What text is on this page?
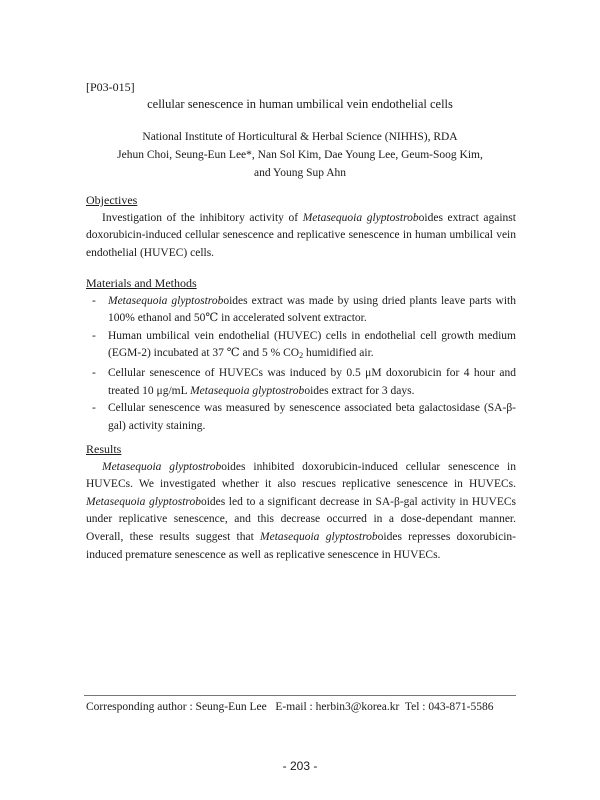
[P03-015]
cellular senescence in human umbilical vein endothelial cells
National Institute of Horticultural & Herbal Science (NIHHS), RDA
Jehun Choi, Seung-Eun Lee*, Nan Sol Kim, Dae Young Lee, Geum-Soog Kim,
and Young Sup Ahn
Objectives

Investigation of the inhibitory activity of Metasequoia glyptostroboides extract against doxorubicin-induced cellular senescence and replicative senescence in human umbilical vein endothelial (HUVEC) cells.

Materials and Methods
- Metasequoia glyptostroboides extract was made by using dried plants leave parts with 100% ethanol and 50℃ in accelerated solvent extractor.
- Human umbilical vein endothelial (HUVEC) cells in endothelial cell growth medium (EGM-2) incubated at 37 ℃ and 5 % $CO_2$ humidified air.
- Cellular senescence of HUVECs was induced by 0.5 μM doxorubicin for 4 hour and treated 10 μg/mL Metasequoia glyptostroboides extract for 3 days.
- Cellular senescence was measured by senescence associated beta galactosidase (SA-β-gal) activity staining.
Results

Metasequoia glyptostroboides inhibited doxorubicin-induced cellular senescence in HUVECs. We investigated whether it also rescues replicative senescence in HUVECs. Metasequoia glyptostroboides led to a significant decrease in SA-β-gal activity in HUVECs under replicative senescence, and this decrease occurred in a dose-dependant manner. Overall, these results suggest that Metasequoia glyptostroboides represses doxorubicin-induced premature senescence as well as replicative senescence in HUVECs.

Corresponding author : Seung-Eun Lee   E-mail : herbin3@korea.kr  Tel : 043-871-5586
- 203 -
